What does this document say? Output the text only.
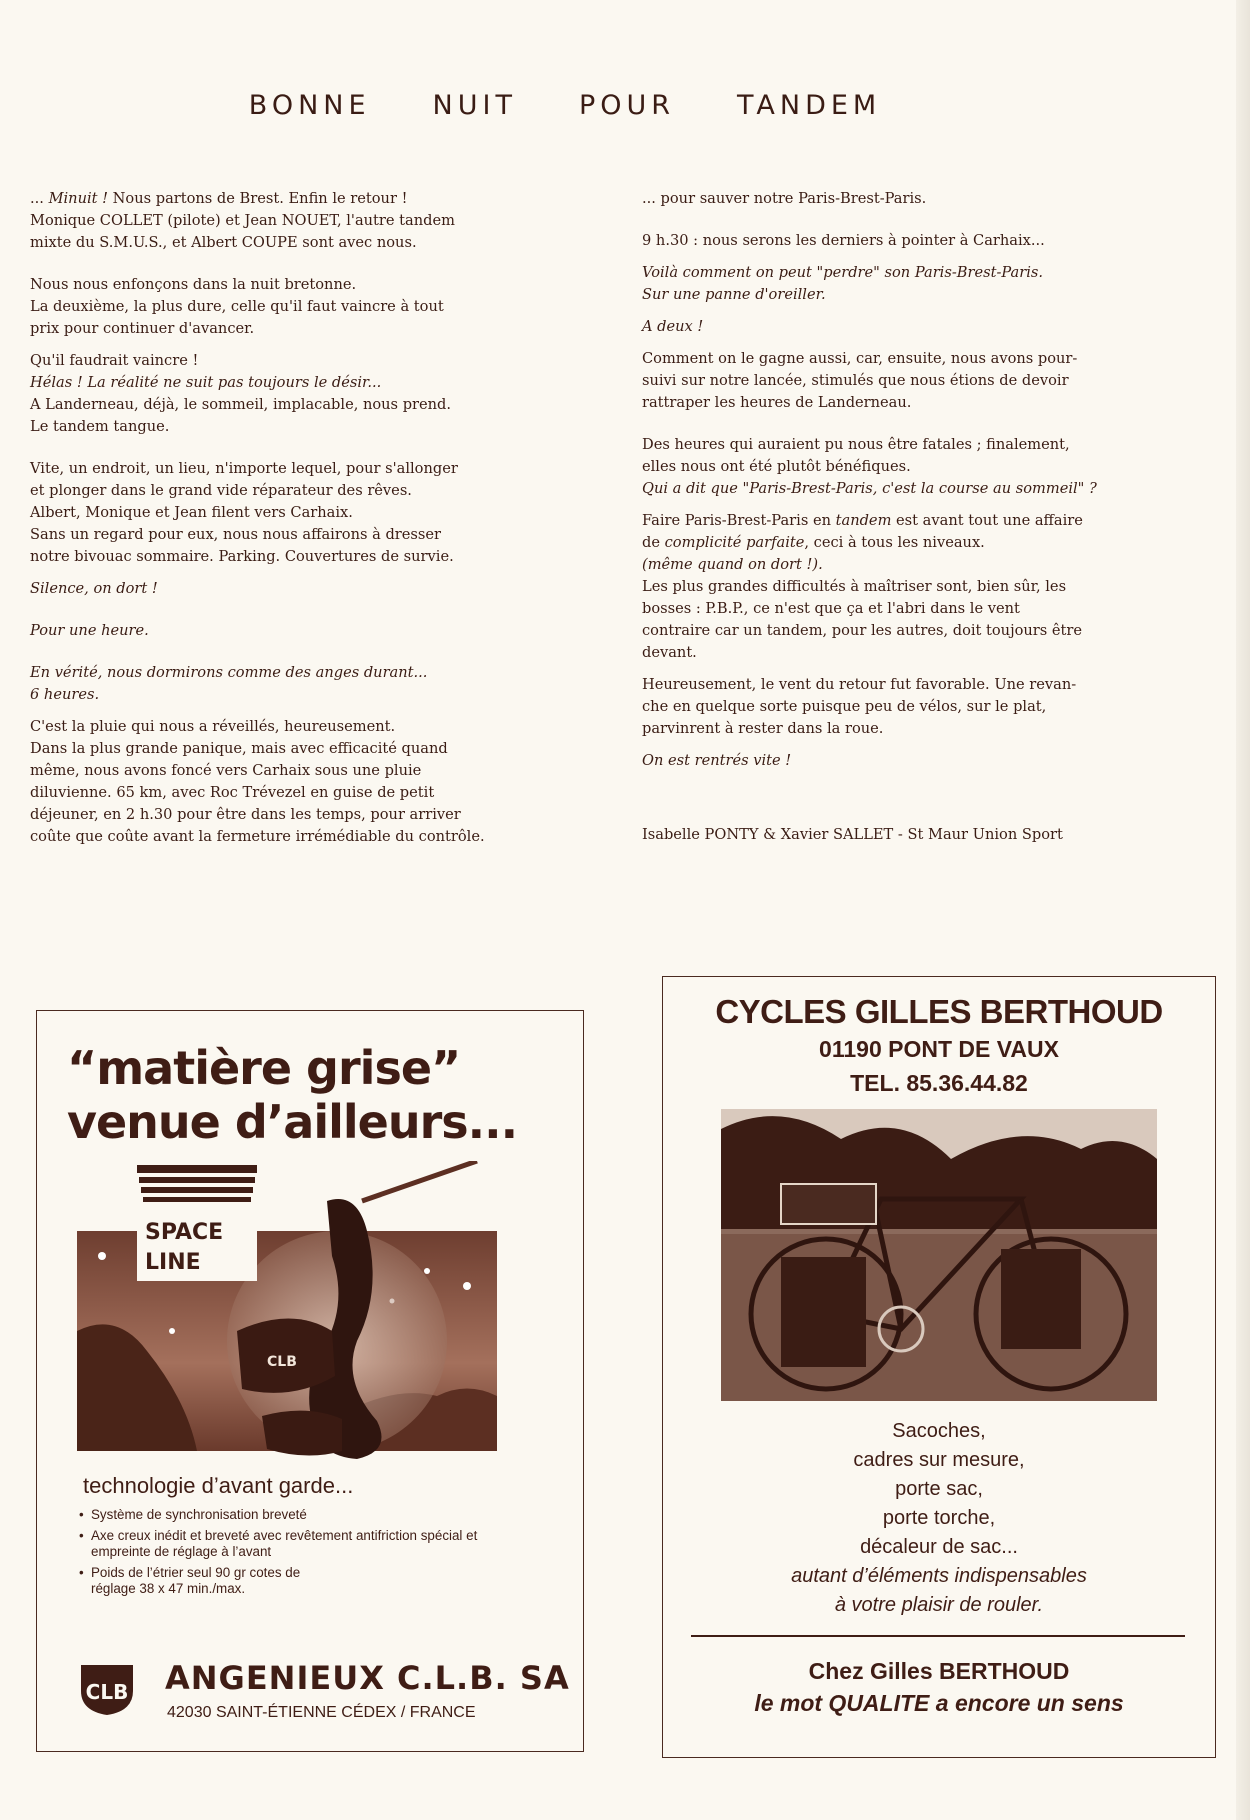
BONNE NUIT POUR TANDEM
... Minuit ! Nous partons de Brest. Enfin le retour !
Monique COLLET (pilote) et Jean NOUET, l'autre tandem
mixte du S.M.U.S., et Albert COUPE sont avec nous.
Nous nous enfonçons dans la nuit bretonne.
La deuxième, la plus dure, celle qu'il faut vaincre à tout
prix pour continuer d'avancer.
Qu'il faudrait vaincre !
Hélas ! La réalité ne suit pas toujours le désir...
A Landerneau, déjà, le sommeil, implacable, nous prend.
Le tandem tangue.
Vite, un endroit, un lieu, n'importe lequel, pour s'allonger
et plonger dans le grand vide réparateur des rêves.
Albert, Monique et Jean filent vers Carhaix.
Sans un regard pour eux, nous nous affairons à dresser
notre bivouac sommaire. Parking. Couvertures de survie.
Silence, on dort !
Pour une heure.
En vérité, nous dormirons comme des anges durant...
6 heures.
C'est la pluie qui nous a réveillés, heureusement.
Dans la plus grande panique, mais avec efficacité quand
même, nous avons foncé vers Carhaix sous une pluie
diluvienne. 65 km, avec Roc Trévezel en guise de petit
déjeuner, en 2 h.30 pour être dans les temps, pour arriver
coûte que coûte avant la fermeture irrémédiable du contrôle.
... pour sauver notre Paris-Brest-Paris.
9 h.30 : nous serons les derniers à pointer à Carhaix...
Voilà comment on peut "perdre" son Paris-Brest-Paris.
Sur une panne d'oreiller.
A deux !
Comment on le gagne aussi, car, ensuite, nous avons pour-
suivi sur notre lancée, stimulés que nous étions de devoir
rattraper les heures de Landerneau.
Des heures qui auraient pu nous être fatales ; finalement,
elles nous ont été plutôt bénéfiques.
Qui a dit que "Paris-Brest-Paris, c'est la course au sommeil" ?
Faire Paris-Brest-Paris en tandem est avant tout une affaire
de complicité parfaite, ceci à tous les niveaux.
(même quand on dort !).
Les plus grandes difficultés à maîtriser sont, bien sûr, les
bosses : P.B.P., ce n'est que ça et l'abri dans le vent
contraire car un tandem, pour les autres, doit toujours être
devant.
Heureusement, le vent du retour fut favorable. Une revan-
che en quelque sorte puisque peu de vélos, sur le plat,
parvinrent à rester dans la roue.
On est rentrés vite !
Isabelle PONTY & Xavier SALLET - St Maur Union Sport
“matière grise”
venue d’ailleurs...
SPACE
LINE
CLB
technologie d’avant garde...
• Système de synchronisation breveté
• Axe creux inédit et breveté avec revêtement antifriction spécial et empreinte de réglage à l’avant
• Poids de l’étrier seul 90 gr cotes de réglage 38 x 47 min./max.
CLB ANGENIEUX C.L.B. SA
42030 SAINT-ÉTIENNE CÉDEX / FRANCE
CYCLES GILLES BERTHOUD
01190 PONT DE VAUX
TEL. 85.36.44.82
Sacoches,
cadres sur mesure,
porte sac,
porte torche,
décaleur de sac...
autant d’éléments indispensables
à votre plaisir de rouler.
Chez Gilles BERTHOUD
le mot QUALITE a encore un sens
